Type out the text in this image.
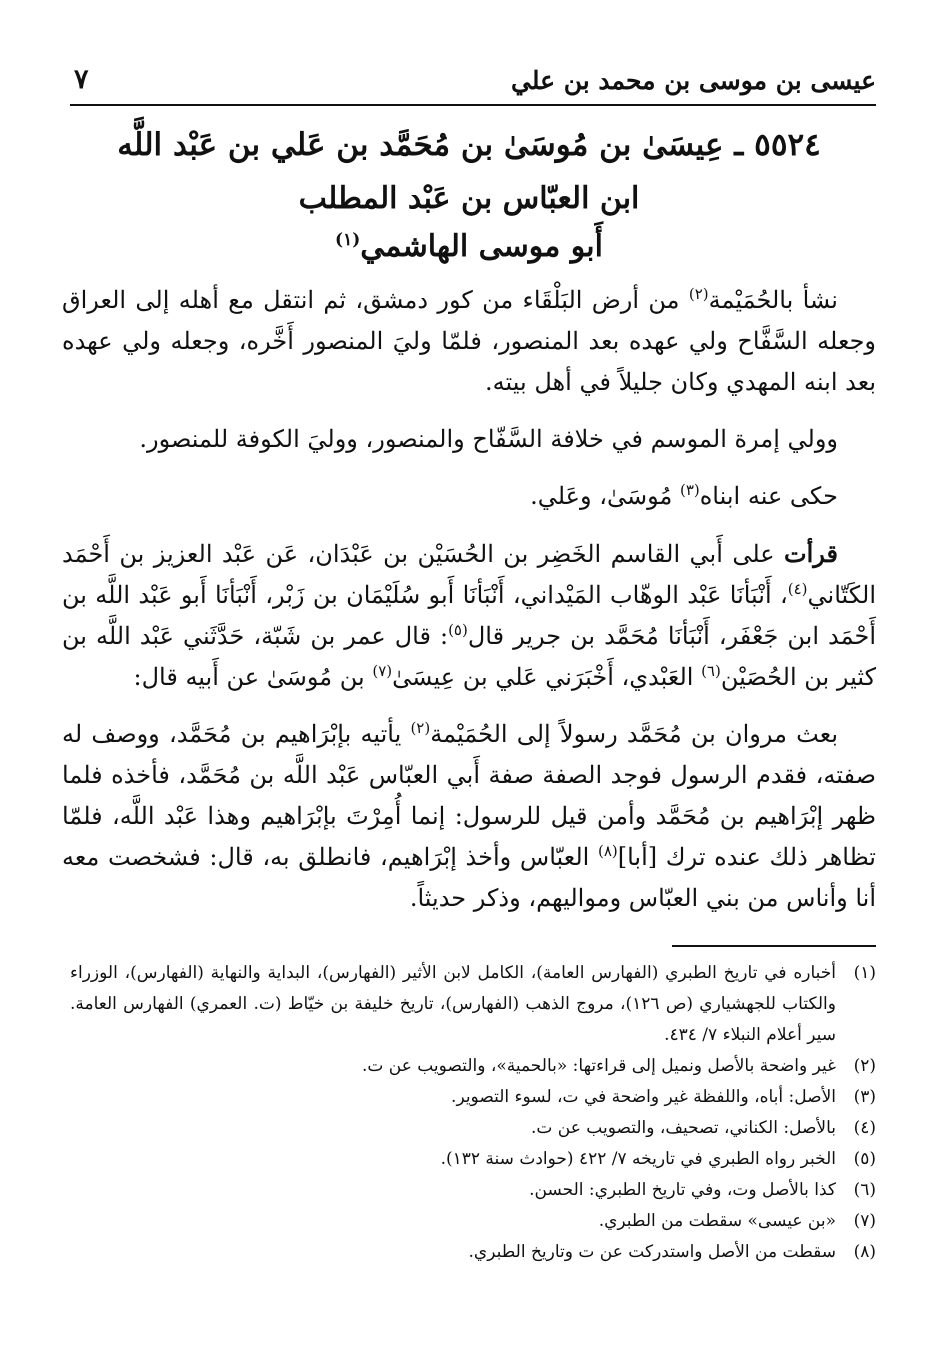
عيسى بن موسى بن محمد بن علي
٧
٥٥٢٤ ـ عِيسَىٰ بن مُوسَىٰ بن مُحَمَّد بن عَلي بن عَبْد اللَّه
ابن العبّاس بن عَبْد المطلب
أَبو موسى الهاشمي$^{(١)}$

نشأ بالحُمَيْمة$^{(٢)}$ من أرض البَلْقَاء من كور دمشق، ثم انتقل مع أهله إلى العراق وجعله السَّفَّاح ولي عهده بعد المنصور، فلمّا وليَ المنصور أَخَّره، وجعله ولي عهده بعد ابنه المهدي وكان جليلاً في أهل بيته.

وولي إمرة الموسم في خلافة السَّفّاح والمنصور، ووليَ الكوفة للمنصور.

حكى عنه ابناه$^{(٣)}$ مُوسَىٰ، وعَلي.

قرأت على أَبي القاسم الخَضِر بن الحُسَيْن بن عَبْدَان، عَن عَبْد العزيز بن أَحْمَد الكَتّاني$^{(٤)}$، أَنْبَأنَا عَبْد الوهّاب المَيْداني، أَنْبَأنَا أَبو سُلَيْمَان بن زَبْر، أَنْبَأنَا أَبو عَبْد اللَّه بن أَحْمَد ابن جَعْفَر، أَنْبَأنَا مُحَمَّد بن جرير قال$^{(٥)}$: قال عمر بن شَبّة، حَدَّثَني عَبْد اللَّه بن كثير بن الحُصَيْن$^{(٦)}$ العَبْدي، أَخْبَرَني عَلي بن عِيسَىٰ$^{(٧)}$ بن مُوسَىٰ عن أَبيه قال:

بعث مروان بن مُحَمَّد رسولاً إلى الحُمَيْمة$^{(٢)}$ يأتيه بإبْرَاهيم بن مُحَمَّد، ووصف له صفته، فقدم الرسول فوجد الصفة صفة أَبي العبّاس عَبْد اللَّه بن مُحَمَّد، فأخذه فلما ظهر إبْرَاهيم بن مُحَمَّد وأمن قيل للرسول: إنما أُمِرْتَ بإبْرَاهيم وهذا عَبْد اللَّه، فلمّا تظاهر ذلك عنده ترك [أبا]$^{(٨)}$ العبّاس وأخذ إبْرَاهيم، فانطلق به، قال: فشخصت معه أنا وأناس من بني العبّاس ومواليهم، وذكر حديثاً.

(١)
أخباره في تاريخ الطبري (الفهارس العامة)، الكامل لابن الأثير (الفهارس)، البداية والنهاية (الفهارس)، الوزراء والكتاب للجهشياري (ص ١٢٦)، مروج الذهب (الفهارس)، تاريخ خليفة بن خيّاط (ت. العمري) الفهارس العامة. سير أعلام النبلاء ٧/ ٤٣٤.
(٢)
غير واضحة بالأصل ونميل إلى قراءتها: «بالحمية»، والتصويب عن ت.
(٣)
الأصل: أباه، واللفظة غير واضحة في ت، لسوء التصوير.
(٤)
بالأصل: الكناني، تصحيف، والتصويب عن ت.
(٥)
الخبر رواه الطبري في تاريخه ٧/ ٤٢٢ (حوادث سنة ١٣٢).
(٦)
كذا بالأصل وت، وفي تاريخ الطبري: الحسن.
(٧)
«بن عيسى» سقطت من الطبري.
(٨)
سقطت من الأصل واستدركت عن ت وتاريخ الطبري.
